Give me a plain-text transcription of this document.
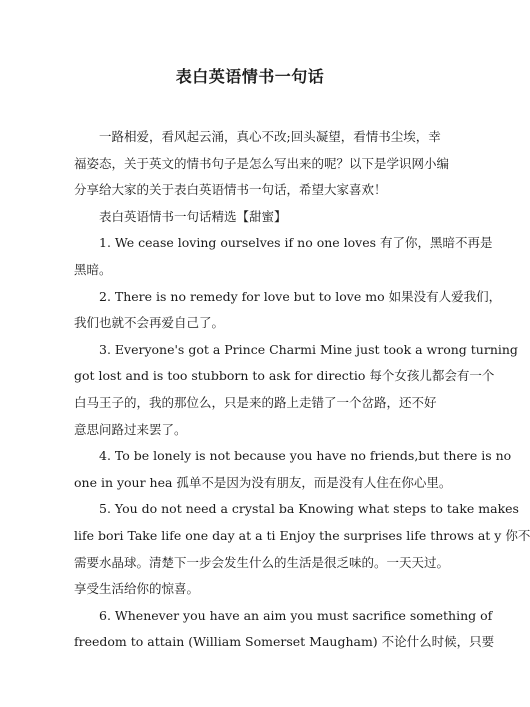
表白英语情书一句话
一路相爱，看风起云涌，真心不改;回头凝望，看情书尘埃，幸
福姿态，关于英文的情书句子是怎么写出来的呢？以下是学识网小编
分享给大家的关于表白英语情书一句话，希望大家喜欢！
表白英语情书一句话精选【甜蜜】
1. We cease loving ourselves if no one loves 有了你，黑暗不再是
黑暗。
2. There is no remedy for love but to love mo 如果没有人爱我们，
我们也就不会再爱自己了。
3. Everyone's got a Prince Charmi Mine just took a wrong turning
got lost and is too stubborn to ask for directio 每个女孩儿都会有一个
白马王子的，我的那位么，只是来的路上走错了一个岔路，还不好
意思问路过来罢了。
4. To be lonely is not because you have no friends,but there is no
one in your hea 孤单不是因为没有朋友，而是没有人住在你心里。
5. You do not need a crystal ba Knowing what steps to take makes
life bori Take life one day at a ti Enjoy the surprises life throws at y 你不
需要水晶球。清楚下一步会发生什么的生活是很乏味的。一天天过。
享受生活给你的惊喜。
6. Whenever you have an aim you must sacrifice something of
freedom to attain (William Somerset Maugham) 不论什么时候，只要
